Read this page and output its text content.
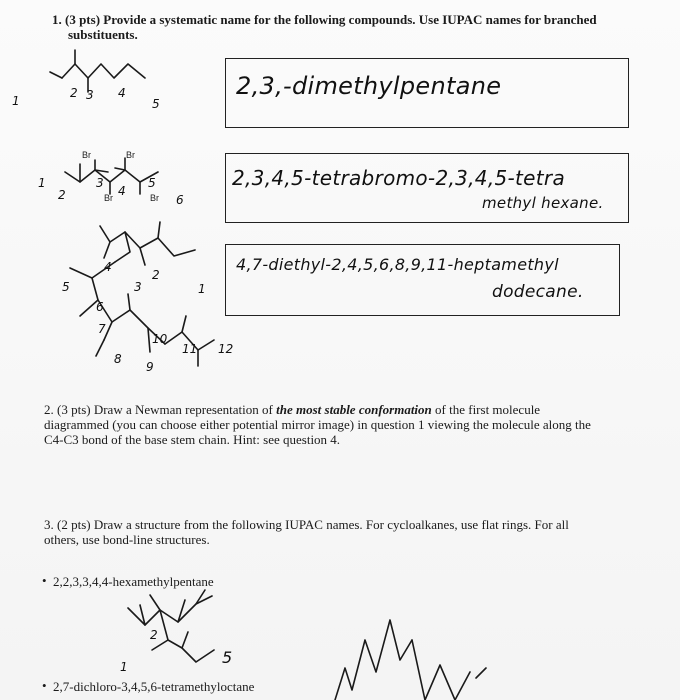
1. (3 pts) Provide a systematic name for the following compounds. Use IUPAC names for branched
substituents.
2,3,-dimethylpentane
2,3,4,5-tetrabromo-2,3,4,5-tetra
methyl hexane.
4,7-diethyl-2,4,5,6,8,9,11-heptamethyl
dodecane.
1
2 3 4
5
Br	Br
Br	Br
1
2
3
4
5
6
1
2
3
4
5
6
7
8
9
10
11 12
2. (3 pts) Draw a Newman representation of the most stable conformation of the first molecule
diagrammed (you can choose either potential mirror image) in question 1 viewing the molecule along the
C4-C3 bond of the base stem chain. Hint: see question 4.
3. (2 pts) Draw a structure from the following IUPAC names. For cycloalkanes, use flat rings. For all
others, use bond-line structures.
• 2,2,3,3,4,4-hexamethylpentane
1
2
5
• 2,7-dichloro-3,4,5,6-tetramethyloctane
